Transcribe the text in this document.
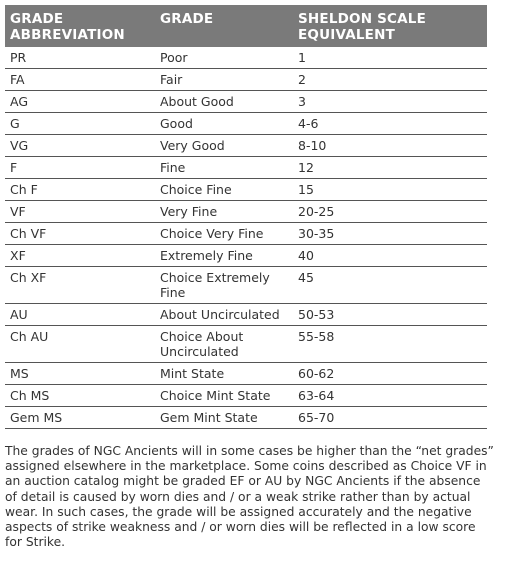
GRADE
ABBREVIATION	GRADE	SHELDON SCALE
EQUIVALENT
PR	Poor	1
FA	Fair	2
AG	About Good	3
G	Good	4-6
VG	Very Good	8-10
F	Fine	12
Ch F	Choice Fine	15
VF	Very Fine	20-25
Ch VF	Choice Very Fine	30-35
XF	Extremely Fine	40
Ch XF	Choice Extremely Fine	45
AU	About Uncirculated	50-53
Ch AU	Choice About Uncirculated	55-58
MS	Mint State	60-62
Ch MS	Choice Mint State	63-64
Gem MS	Gem Mint State	65-70

The grades of NGC Ancients will in some cases be higher than the “net grades” assigned elsewhere in the marketplace. Some coins described as Choice VF in an auction catalog might be graded EF or AU by NGC Ancients if the absence of detail is caused by worn dies and / or a weak strike rather than by actual wear. In such cases, the grade will be assigned accurately and the negative aspects of strike weakness and / or worn dies will be reflected in a low score for Strike.
